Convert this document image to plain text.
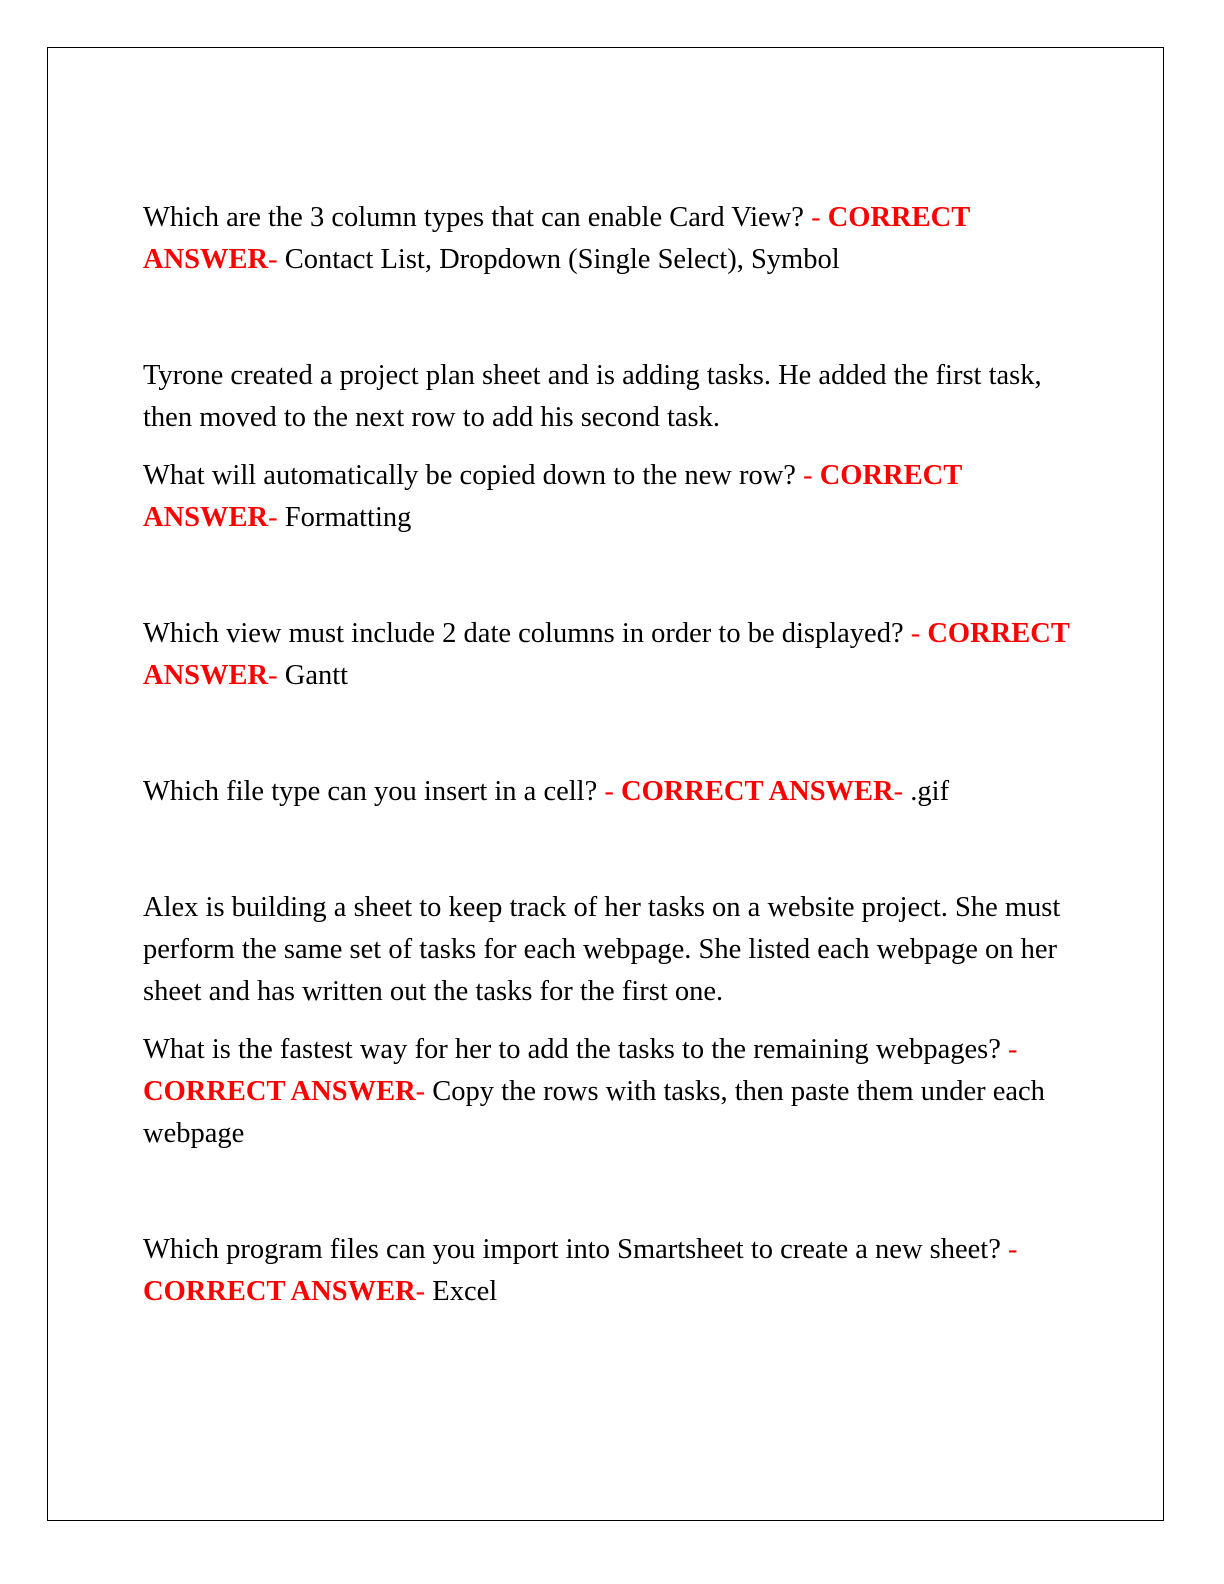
Which are the 3 column types that can enable Card View? - CORRECT ANSWER- Contact List, Dropdown (Single Select), Symbol

Tyrone created a project plan sheet and is adding tasks. He added the first task, then moved to the next row to add his second task.

What will automatically be copied down to the new row? - CORRECT ANSWER- Formatting

Which view must include 2 date columns in order to be displayed? - CORRECT ANSWER- Gantt

Which file type can you insert in a cell? - CORRECT ANSWER- .gif

Alex is building a sheet to keep track of her tasks on a website project. She must perform the same set of tasks for each webpage. She listed each webpage on her sheet and has written out the tasks for the first one.

What is the fastest way for her to add the tasks to the remaining webpages? - CORRECT ANSWER- Copy the rows with tasks, then paste them under each webpage

Which program files can you import into Smartsheet to create a new sheet? - CORRECT ANSWER- Excel
